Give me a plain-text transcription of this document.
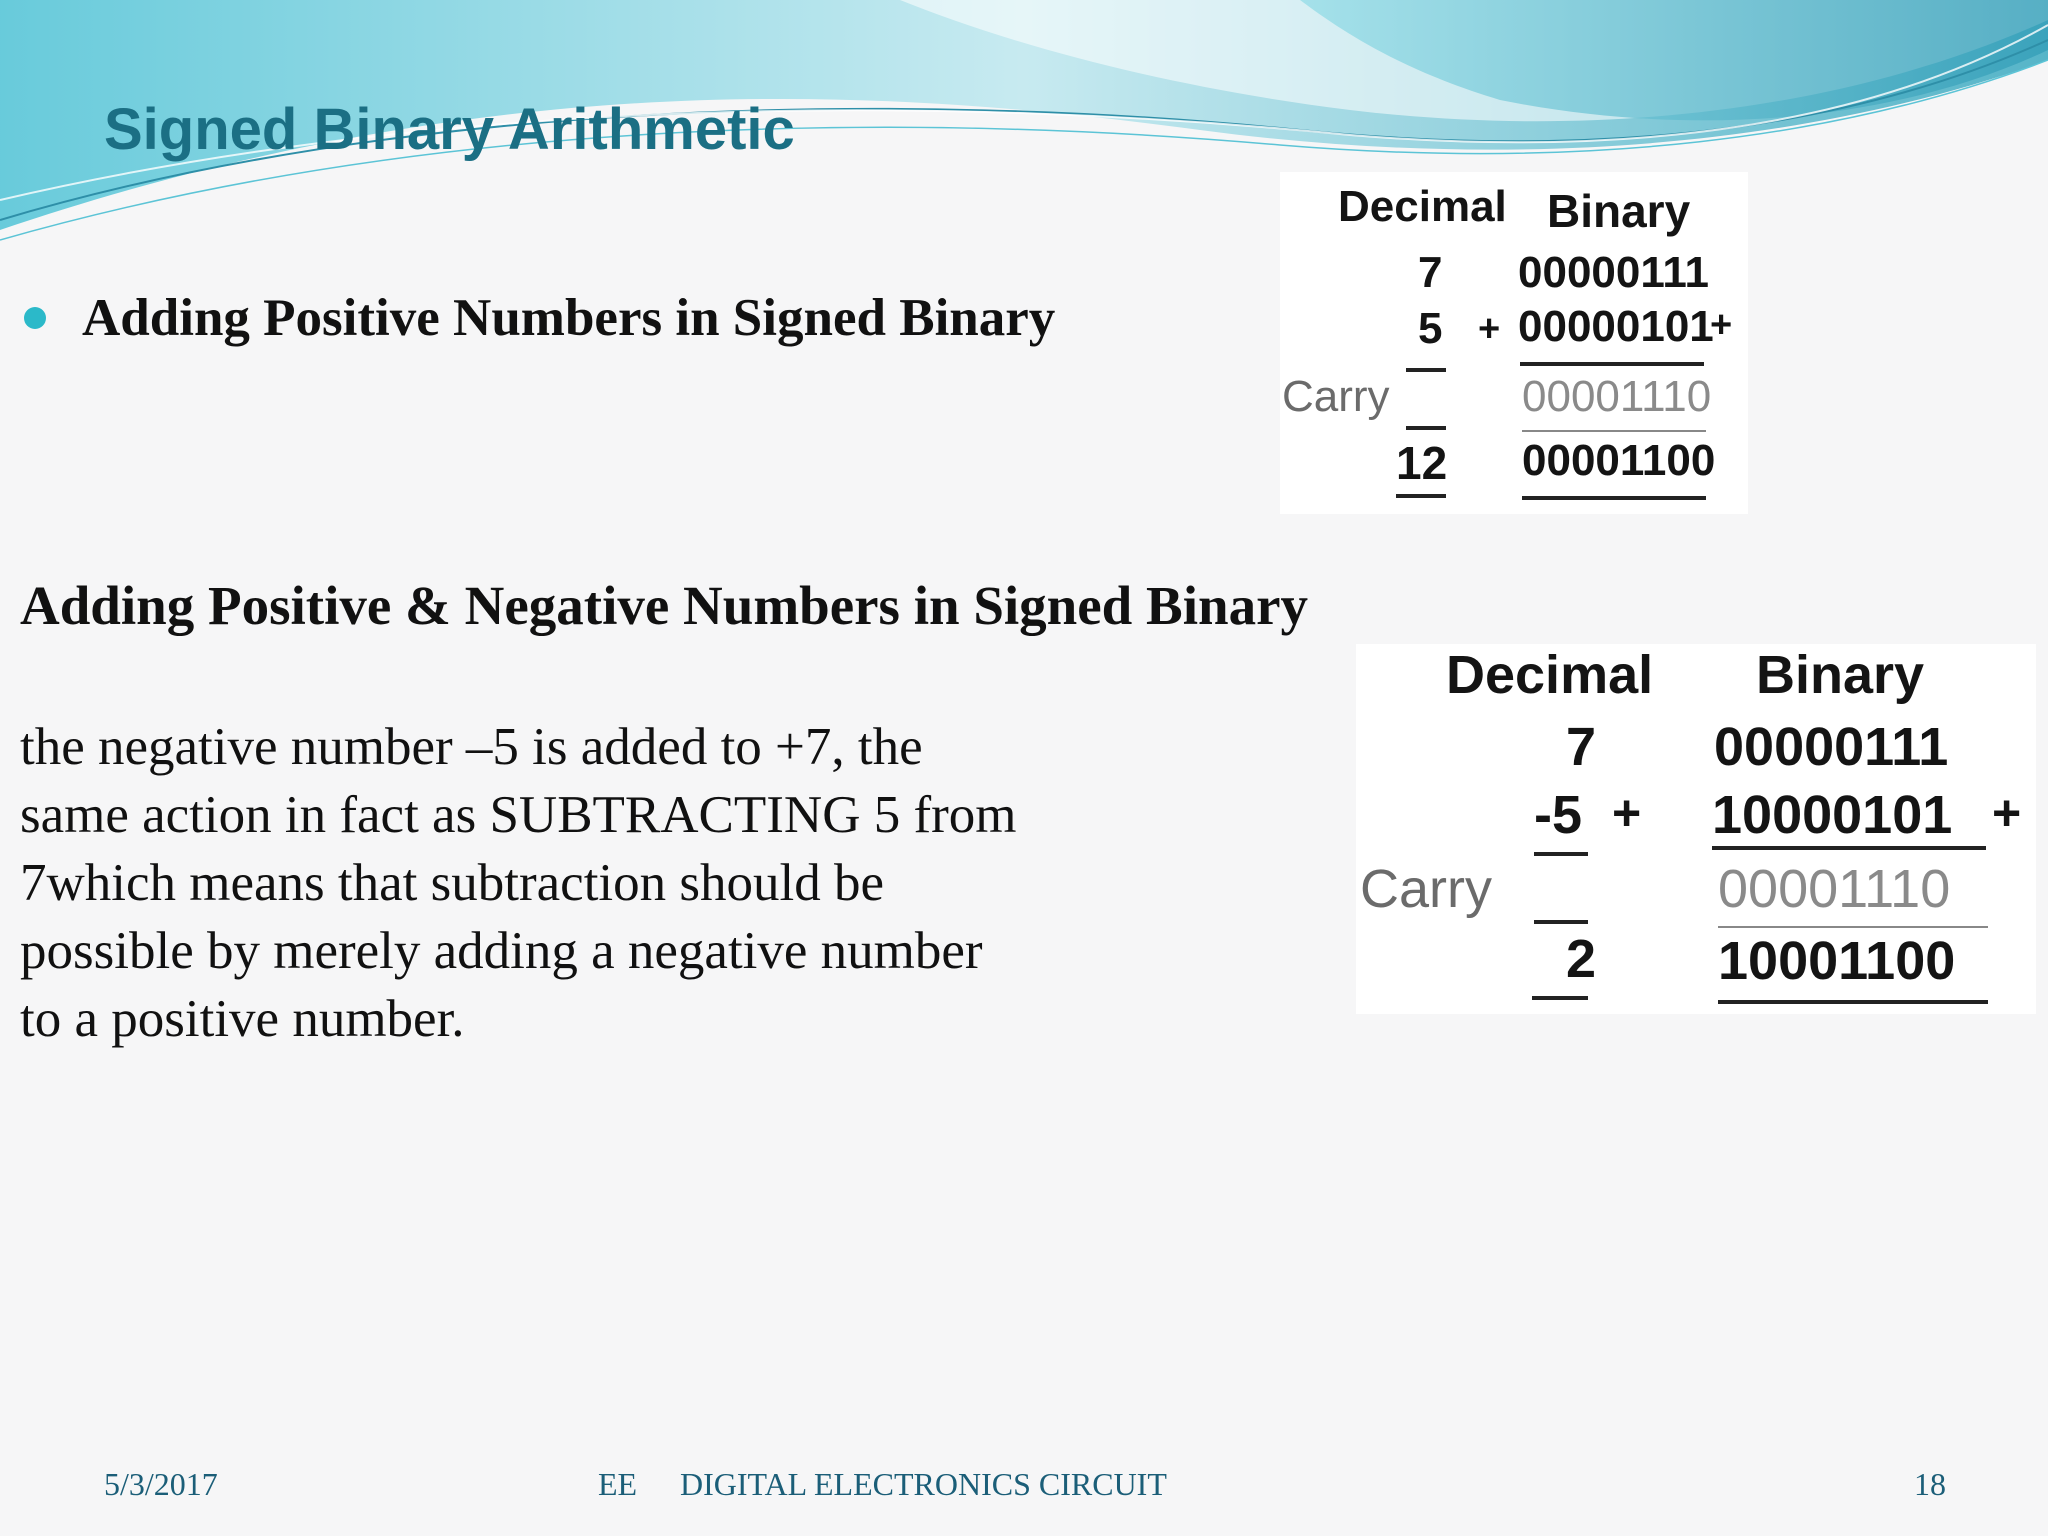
Signed Binary Arithmetic
Adding Positive Numbers in Signed Binary
Decimal Binary
7 00000111
5 + 00000101
+
Carry	00001110
12 00001100
Adding Positive & Negative Numbers in Signed Binary
the negative number –5 is added to +7, the
same action in fact as SUBTRACTING 5 from
7which means that subtraction should be
possible by merely adding a negative number
to a positive number.
Decimal Binary
7 00000111
-5 + 10000101 +
Carry	00001110
2 10001100
5/3/2017	EE DIGITAL ELECTRONICS CIRCUIT	18
